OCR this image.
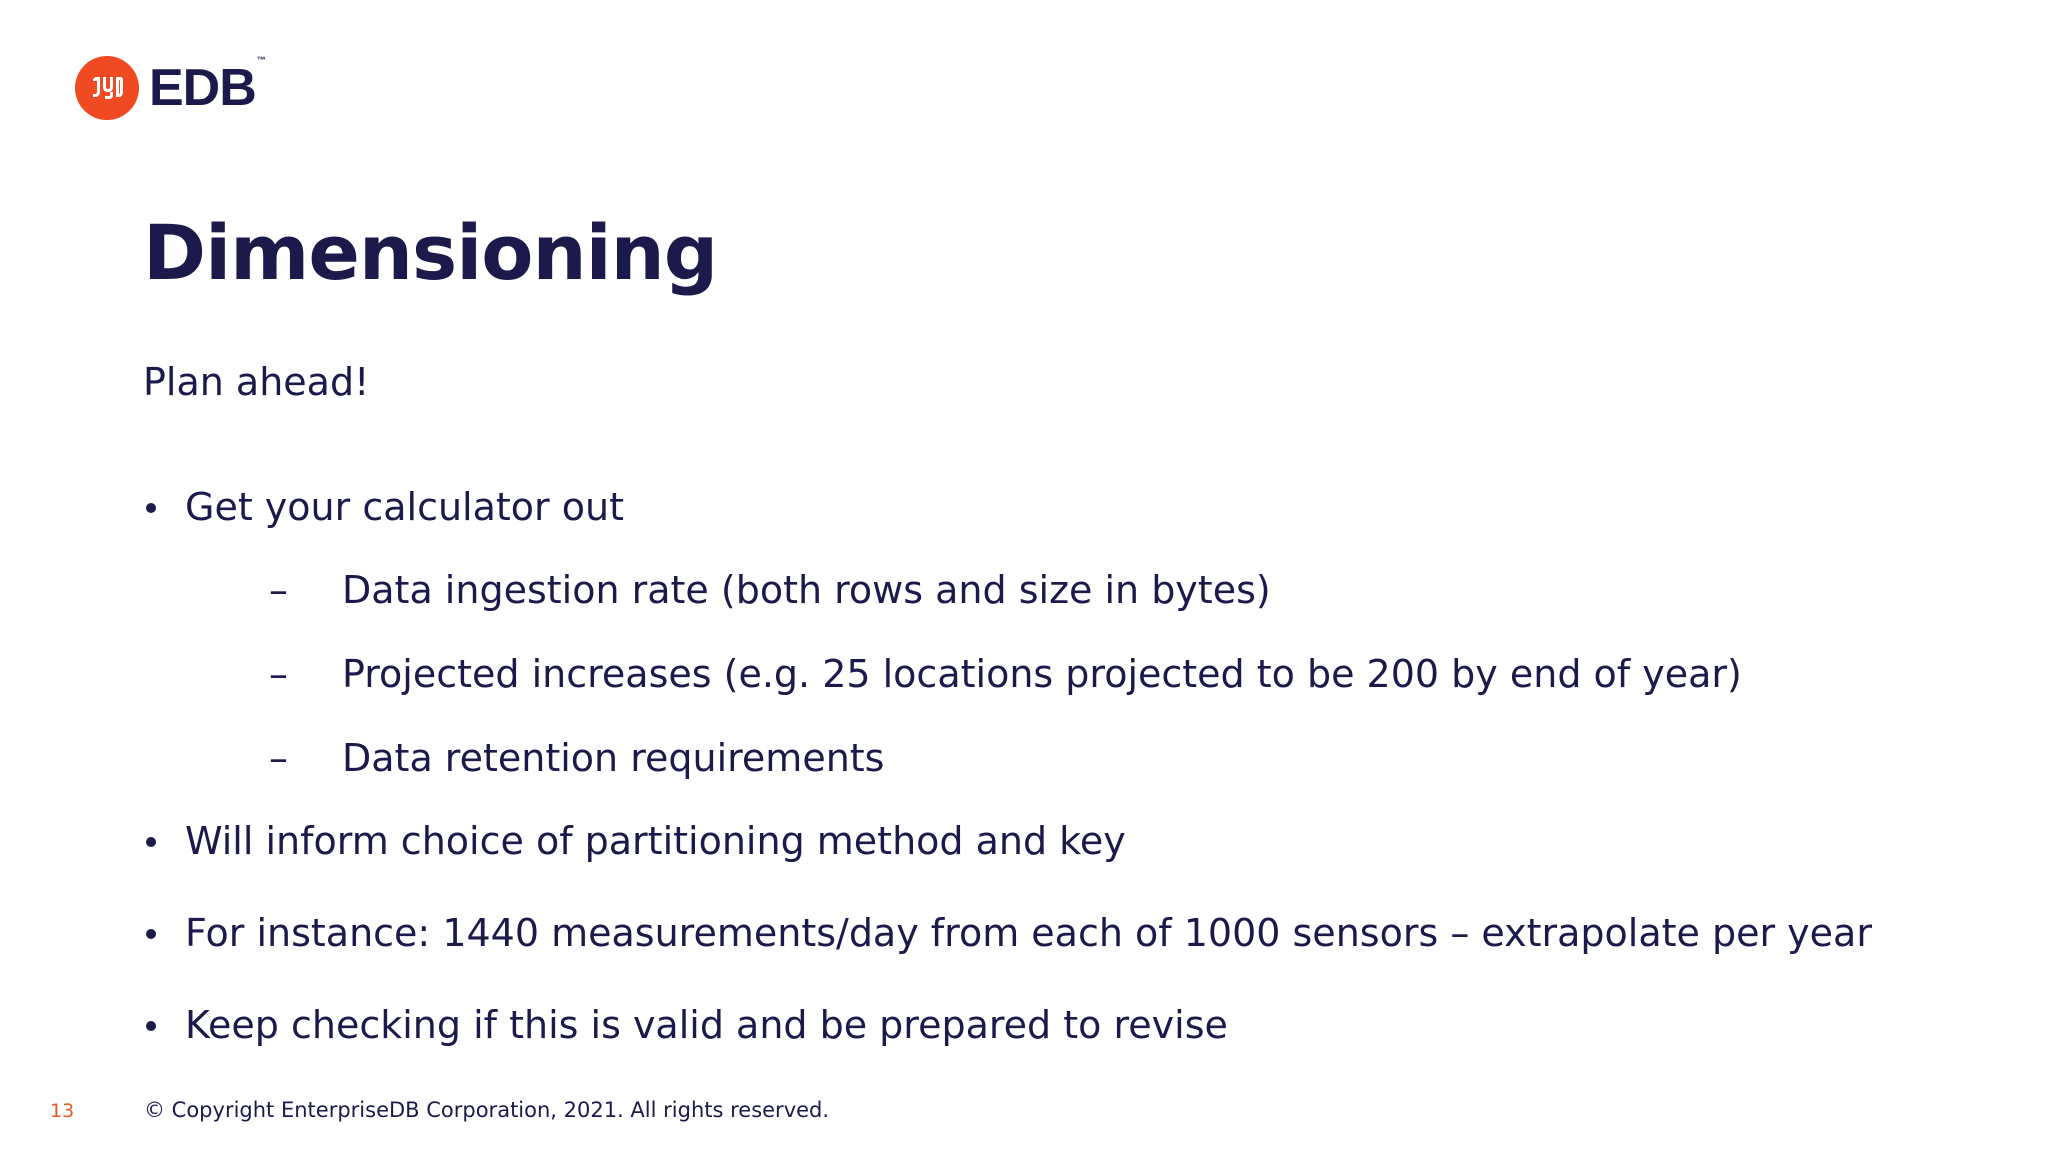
EDB™
Dimensioning
Plan ahead!
Get your calculator out
– Data ingestion rate (both rows and size in bytes)
– Projected increases (e.g. 25 locations projected to be 200 by end of year)
– Data retention requirements
Will inform choice of partitioning method and key
For instance: 1440 measurements/day from each of 1000 sensors – extrapolate per year
Keep checking if this is valid and be prepared to revise
13	© Copyright EnterpriseDB Corporation, 2021. All rights reserved.
